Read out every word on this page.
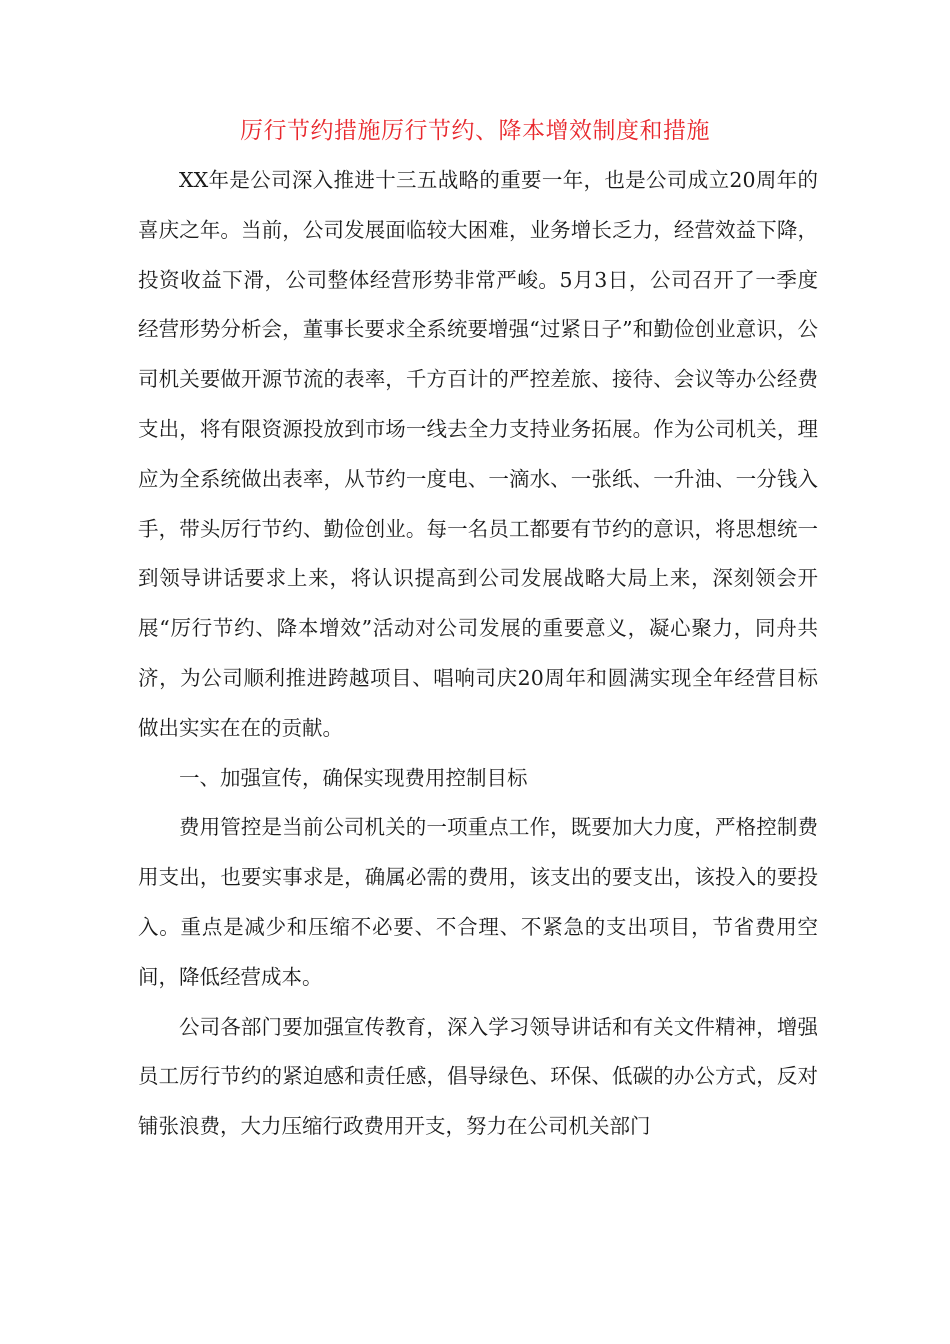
厉行节约措施厉行节约、降本增效制度和措施

XX年是公司深入推进十三五战略的重要一年，也是公司成立20周年的喜庆之年。当前，公司发展面临较大困难，业务增长乏力，经营效益下降，投资收益下滑，公司整体经营形势非常严峻。5月3日，公司召开了一季度经营形势分析会，董事长要求全系统要增强“过紧日子”和勤俭创业意识，公司机关要做开源节流的表率，千方百计的严控差旅、接待、会议等办公经费支出，将有限资源投放到市场一线去全力支持业务拓展。作为公司机关，理应为全系统做出表率，从节约一度电、一滴水、一张纸、一升油、一分钱入手，带头厉行节约、勤俭创业。每一名员工都要有节约的意识，将思想统一到领导讲话要求上来，将认识提高到公司发展战略大局上来，深刻领会开展“厉行节约、降本增效”活动对公司发展的重要意义，凝心聚力，同舟共济，为公司顺利推进跨越项目、唱响司庆20周年和圆满实现全年经营目标做出实实在在的贡献。

一、加强宣传，确保实现费用控制目标

费用管控是当前公司机关的一项重点工作，既要加大力度，严格控制费用支出，也要实事求是，确属必需的费用，该支出的要支出，该投入的要投入。重点是减少和压缩不必要、不合理、不紧急的支出项目，节省费用空间，降低经营成本。

公司各部门要加强宣传教育，深入学习领导讲话和有关文件精神，增强员工厉行节约的紧迫感和责任感，倡导绿色、环保、低碳的办公方式，反对铺张浪费，大力压缩行政费用开支，努力在公司机关部门
